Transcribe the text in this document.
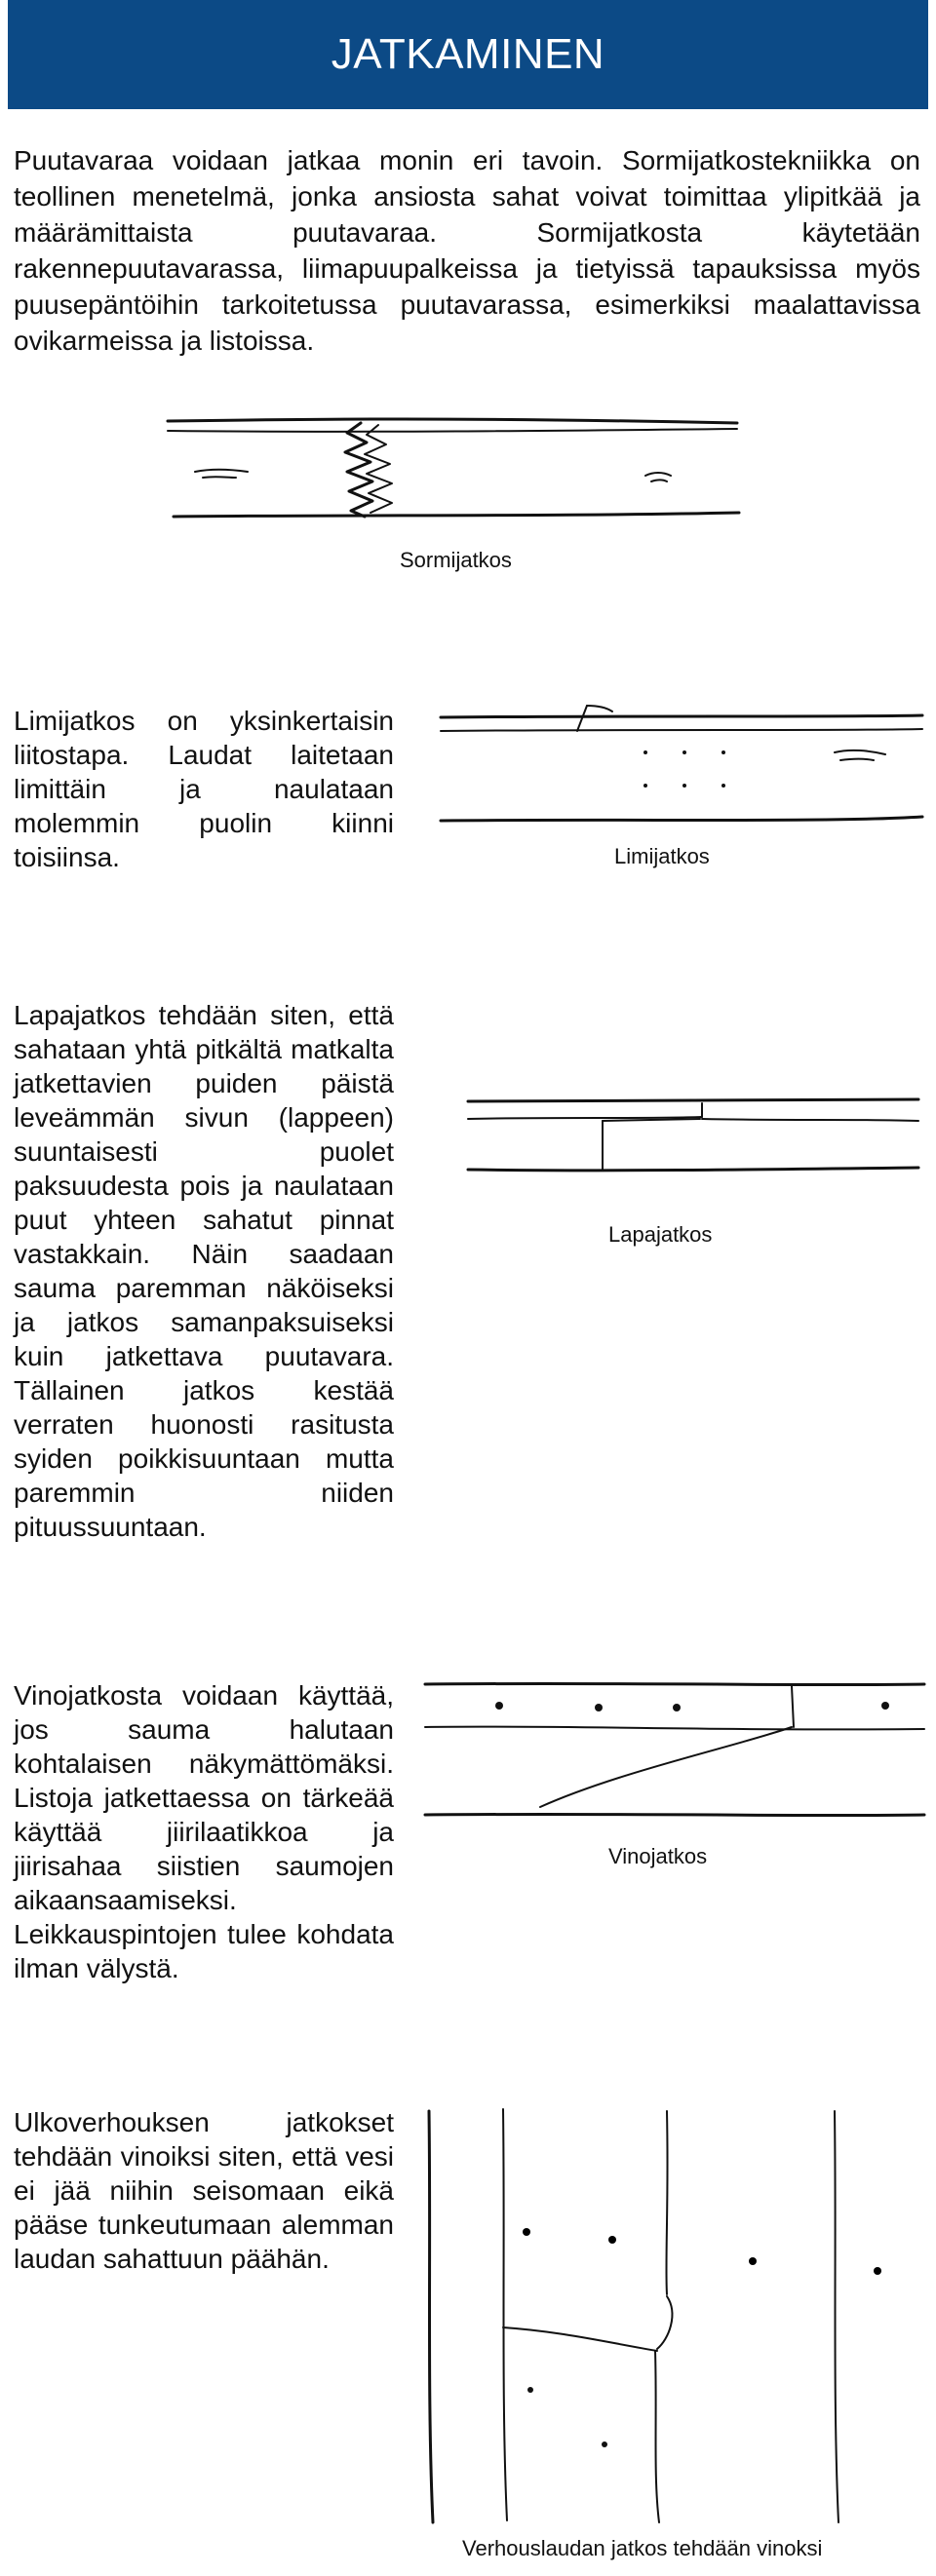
JATKAMINEN

Puutavaraa voidaan jatkaa monin eri tavoin. Sormijatkostekniikka on teollinen menetelmä, jonka ansiosta sahat voivat toimittaa ylipitkää ja määrämittaista puutavaraa. Sormijatkosta käytetään rakennepuutavarassa, liimapuupalkeissa ja tietyissä tapauksissa myös puusepäntöihin tarkoitetussa puutavarassa, esimerkiksi maalattavissa ovikarmeissa ja listoissa.

Sormijatkos

Limijatkos on yksinkertaisin liitostapa. Laudat laitetaan limittäin ja naulataan molemmin puolin kiinni toisiinsa.	Limijatkos

Lapajatkos tehdään siten, että sahataan yhtä pitkältä matkalta jatkettavien puiden päistä leveämmän sivun (lappeen) suuntaisesti puolet paksuudesta pois ja naulataan puut yhteen sahatut pinnat vastakkain. Näin saadaan sauma paremman näköiseksi ja jatkos samanpaksuiseksi kuin jatkettava puutavara. Tällainen jatkos kestää verraten huonosti rasitusta syiden poikkisuuntaan mutta paremmin niiden pituussuuntaan.

Lapajatkos

Vinojatkosta voidaan käyttää, jos sauma halutaan kohtalaisen näkymättömäksi. Listoja jatkettaessa on tärkeää käyttää jiirilaatikkoa ja jiirisahaa siistien saumojen aikaansaamiseksi. Leikkauspintojen tulee kohdata ilman välystä.

Vinojatkos

Ulkoverhouksen jatkokset tehdään vinoiksi siten, että vesi ei jää niihin seisomaan eikä pääse tunkeutumaan alemman laudan sahattuun päähän.

Verhouslaudan jatkos tehdään vinoksi
